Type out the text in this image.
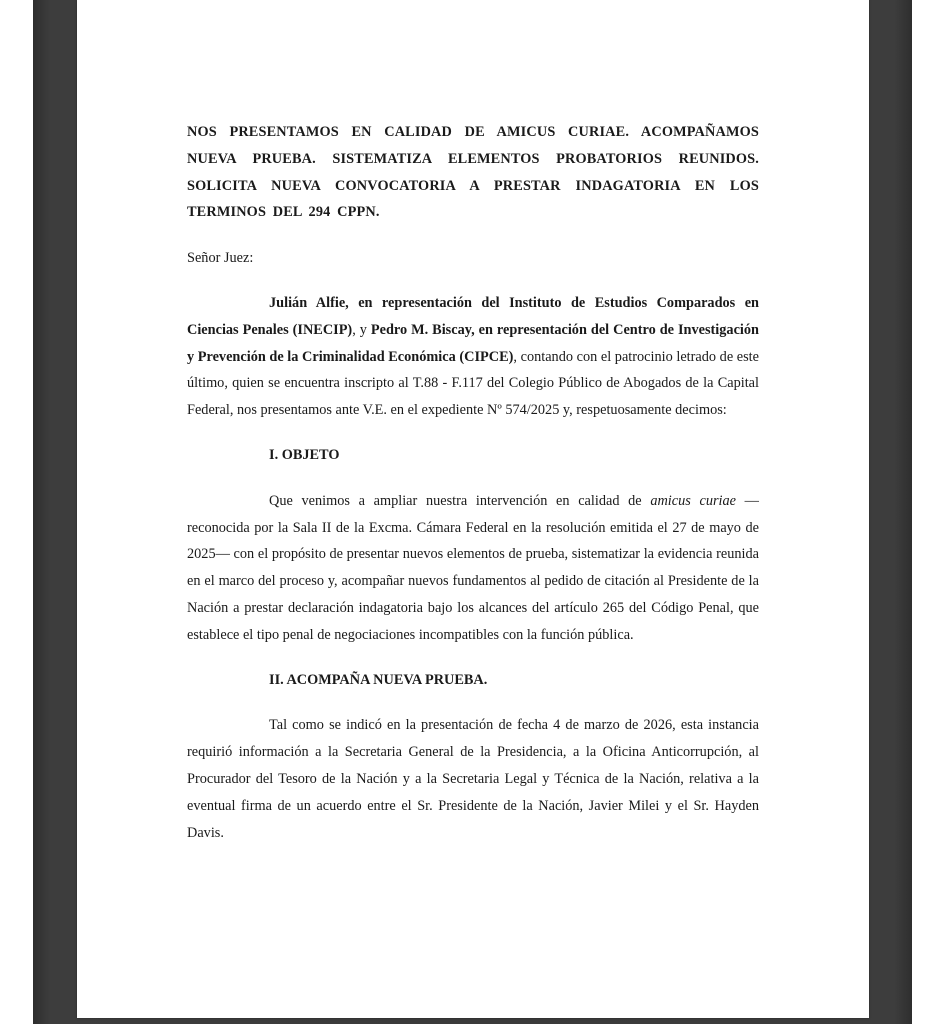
NOS PRESENTAMOS EN CALIDAD DE AMICUS CURIAE. ACOMPAÑAMOS NUEVA PRUEBA. SISTEMATIZA ELEMENTOS PROBATORIOS REUNIDOS. SOLICITA NUEVA CONVOCATORIA A PRESTAR INDAGATORIA EN LOS TERMINOS DEL 294 CPPN.

Señor Juez:

Julián Alfie, en representación del Instituto de Estudios Comparados en Ciencias Penales (INECIP), y Pedro M. Biscay, en representación del Centro de Investigación y Prevención de la Criminalidad Económica (CIPCE), contando con el patrocinio letrado de este último, quien se encuentra inscripto al T.88 - F.117 del Colegio Público de Abogados de la Capital Federal, nos presentamos ante V.E. en el expediente Nº 574/2025 y, respetuosamente decimos:

I. OBJETO

Que venimos a ampliar nuestra intervención en calidad de amicus curiae —reconocida por la Sala II de la Excma. Cámara Federal en la resolución emitida el 27 de mayo de 2025— con el propósito de presentar nuevos elementos de prueba, sistematizar la evidencia reunida en el marco del proceso y, acompañar nuevos fundamentos al pedido de citación al Presidente de la Nación a prestar declaración indagatoria bajo los alcances del artículo 265 del Código Penal, que establece el tipo penal de negociaciones incompatibles con la función pública.

II. ACOMPAÑA NUEVA PRUEBA.

Tal como se indicó en la presentación de fecha 4 de marzo de 2026, esta instancia requirió información a la Secretaria General de la Presidencia, a la Oficina Anticorrupción, al Procurador del Tesoro de la Nación y a la Secretaria Legal y Técnica de la Nación, relativa a la eventual firma de un acuerdo entre el Sr. Presidente de la Nación, Javier Milei y el Sr. Hayden Davis.
